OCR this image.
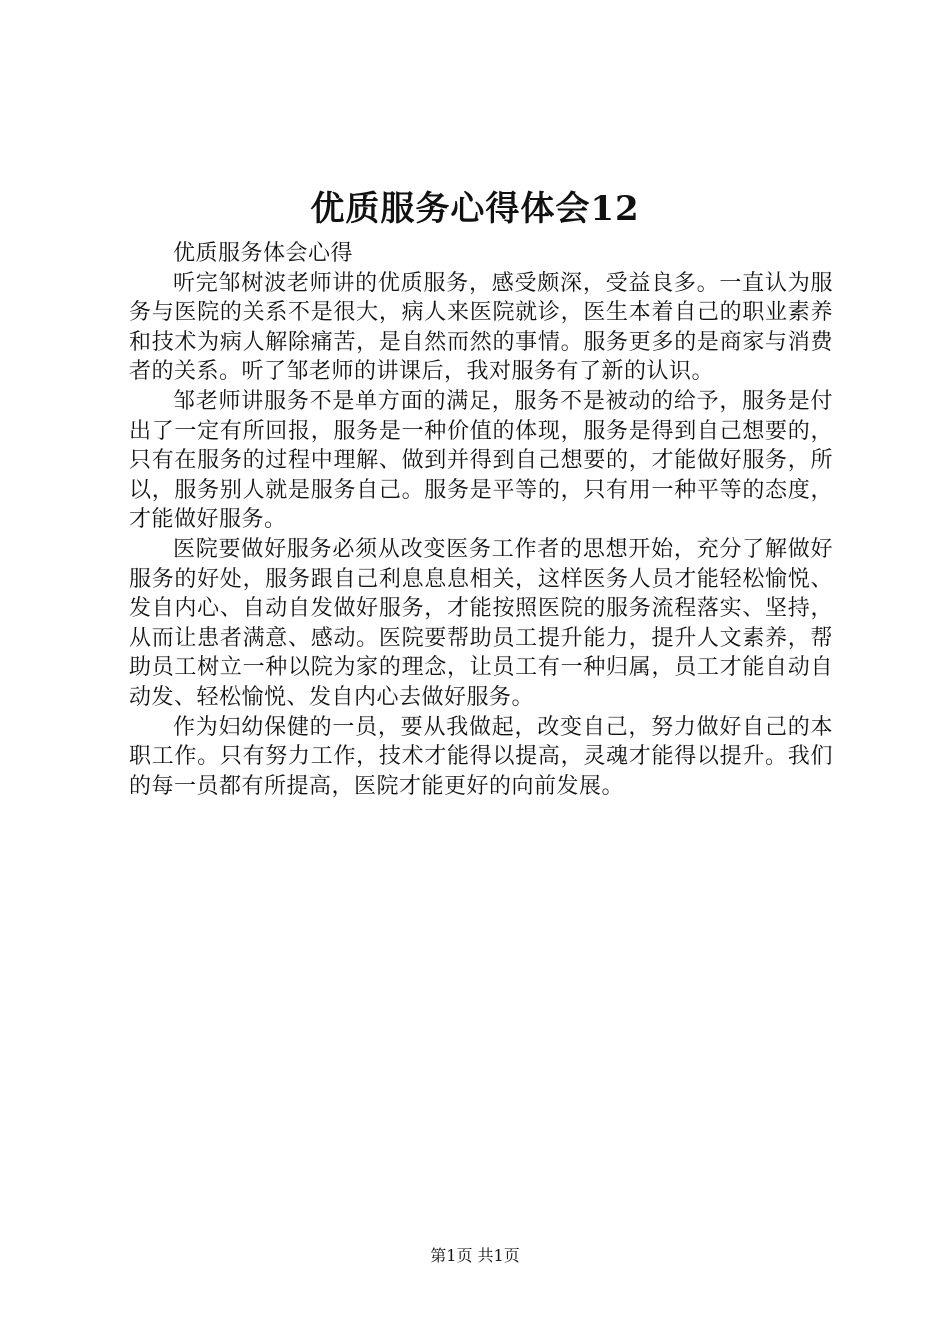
优质服务心得体会12

优质服务体会心得

听完邹树波老师讲的优质服务，感受颇深，受益良多。一直认为服务与医院的关系不是很大，病人来医院就诊，医生本着自己的职业素养和技术为病人解除痛苦，是自然而然的事情。服务更多的是商家与消费者的关系。听了邹老师的讲课后，我对服务有了新的认识。

邹老师讲服务不是单方面的满足，服务不是被动的给予，服务是付出了一定有所回报，服务是一种价值的体现，服务是得到自己想要的，只有在服务的过程中理解、做到并得到自己想要的，才能做好服务，所以，服务别人就是服务自己。服务是平等的，只有用一种平等的态度，才能做好服务。

医院要做好服务必须从改变医务工作者的思想开始，充分了解做好服务的好处，服务跟自己利息息息相关，这样医务人员才能轻松愉悦、发自内心、自动自发做好服务，才能按照医院的服务流程落实、坚持，从而让患者满意、感动。医院要帮助员工提升能力，提升人文素养，帮助员工树立一种以院为家的理念，让员工有一种归属，员工才能自动自动发、轻松愉悦、发自内心去做好服务。

作为妇幼保健的一员，要从我做起，改变自己，努力做好自己的本职工作。只有努力工作，技术才能得以提高，灵魂才能得以提升。我们的每一员都有所提高，医院才能更好的向前发展。

第1页 共1页
